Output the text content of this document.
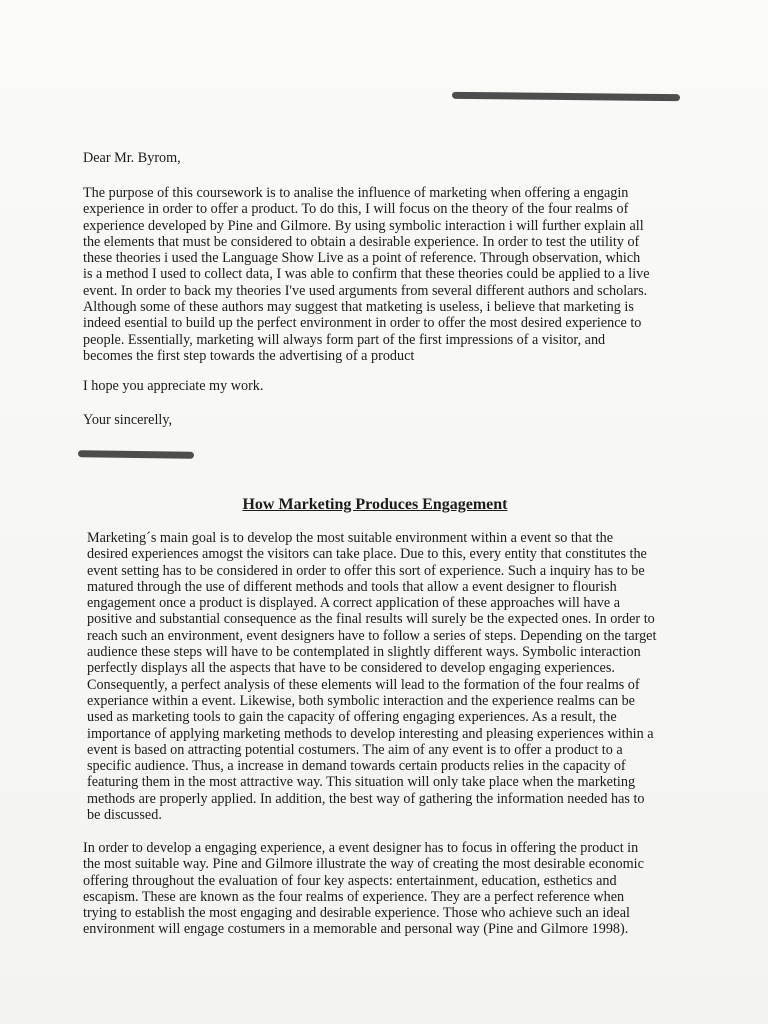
Dear Mr. Byrom,
The purpose of this coursework is to analise the influence of marketing when offering a engagin
experience in order to offer a product. To do this, I will focus on the theory of the four realms of
experience developed by Pine and Gilmore. By using symbolic interaction i will further explain all
the elements that must be considered to obtain a desirable experience. In order to test the utility of
these theories i used the Language Show Live as a point of reference. Through observation, which
is a method I used to collect data, I was able to confirm that these theories could be applied to a live
event. In order to back my theories I've used arguments from several different authors and scholars.
Although some of these authors may suggest that matketing is useless, i believe that marketing is
indeed esential to build up the perfect environment in order to offer the most desired experience to
people. Essentially, marketing will always form part of the first impressions of a visitor, and
becomes the first step towards the advertising of a product
I hope you appreciate my work.
Your sincerelly,
How Marketing Produces Engagement
Marketing´s main goal is to develop the most suitable environment within a event so that the
desired experiences amogst the visitors can take place. Due to this, every entity that constitutes the
event setting has to be considered in order to offer this sort of experience. Such a inquiry has to be
matured through the use of different methods and tools that allow a event designer to flourish
engagement once a product is displayed. A correct application of these approaches will have a
positive and substantial consequence as the final results will surely be the expected ones. In order to
reach such an environment, event designers have to follow a series of steps. Depending on the target
audience these steps will have to be contemplated in slightly different ways. Symbolic interaction
perfectly displays all the aspects that have to be considered to develop engaging experiences.
Consequently, a perfect analysis of these elements will lead to the formation of the four realms of
experiance within a event. Likewise, both symbolic interaction and the experience realms can be
used as marketing tools to gain the capacity of offering engaging experiences. As a result, the
importance of applying marketing methods to develop interesting and pleasing experiences within a
event is based on attracting potential costumers. The aim of any event is to offer a product to a
specific audience. Thus, a increase in demand towards certain products relies in the capacity of
featuring them in the most attractive way. This situation will only take place when the marketing
methods are properly applied. In addition, the best way of gathering the information needed has to
be discussed.
In order to develop a engaging experience, a event designer has to focus in offering the product in
the most suitable way. Pine and Gilmore illustrate the way of creating the most desirable economic
offering throughout the evaluation of four key aspects: entertainment, education, esthetics and
escapism. These are known as the four realms of experience. They are a perfect reference when
trying to establish the most engaging and desirable experience. Those who achieve such an ideal
environment will engage costumers in a memorable and personal way (Pine and Gilmore 1998).
